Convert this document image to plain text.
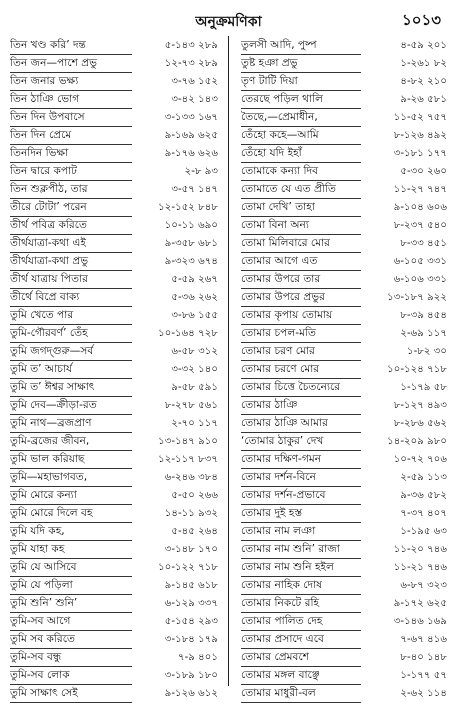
অনুক্রমণিকা	১০১৩
তিন খণ্ড করি’ দন্ত	৫-১৪৩ ২৮৯
তিন জন—পাশে প্রভু	১২-৭৩ ২৮৯
তিন জনার ভক্ষ্য	৩-৭৬ ১৫২
তিন ঠাঞি ভোগ	৩-৪২ ১৪৩
তিন দিন উপবাসে	৩-১৩৩ ১৬৭
তিন দিন প্রেমে	৯-১৬৯ ৬২৫
তিনদিন ভিক্ষা	৯-১৭৬ ৬২৬
তিন দ্বারে কপাট	২-৮ ৯৩
তিন শুক্লপীঠ, তার	৩-৫৭ ১৪৭
তীরে টোটা’ পরেন	১২-১৫২ ৮৪৮
তীর্থ পবিত্র করিতে	১০-১১ ৬৯০
তীর্থযাত্রা-কথা এই	৯-৩৫৮ ৬৮১
তীর্থযাত্রা-কথা প্রভু	৯-৩২৩ ৬৭৪
তীর্থ যাত্রায় পিতার	৫-৫৯ ২৬৭
তীর্থে বিপ্রে বাক্য	৫-৩৬ ২৬২
তুমি খেতে পার	৩-৮৬ ১৫৫
তুমি-গৌরবর্ণ’ তেঁহ	১০-১৬৪ ৭২৮
তুমি জগদ্‌গুরু—সর্ব	৬-৫৮ ৩১২
তুমি ত’ আচার্য	৩-৩২ ১৪০
তুমি ত’ ঈশ্বর সাক্ষাৎ	৯-৫৮ ৫৯১
তুমি দেব—ক্রীড়া-রত	৮-২৭৮ ৫৬১
তুমি নাথ—ব্রজপ্রাণ	২-৭০ ১১৭
তুমি-ব্রজের জীবন,	১৩-১৪৭ ৯১০
তুমি ভাল করিয়াছ	১২-১১৭ ৮৩৭
তুমি—মহাভাগবত,	৬-২৪৬ ৩৮৪
তুমি মোরে কন্যা	৫-৫০ ২৬৬
তুমি মোরে দিলে বহ	১৪-১১ ৯৩২
তুমি যদি কহ,	৫-৪৫ ২৬৪
তুমি যাহা কহ	৩-১৪৮ ১৭০
তুমি যে আসিবে	১০-১২২ ৭১৮
তুমি যে পড়িলা	৯-১৪৫ ৬১৮
তুমি শুনি’ শুনি’	৬-১২৯ ৩৩৭
তুমি-সব আগে	৫-১৫৪ ২৯৩
তুমি সব করিতে	৩-১৮৪ ১৭৯
তুমি-সব বন্ধু	৭-৯ ৪০১
তুমি-সব লোক	৩-১৮৯ ১৮০
তুমি সাক্ষাৎ সেই	৯-১২৬ ৬১২
তুলসী আদি, পুষ্প	৪-৫৯ ২০১
তুষ্ট হঞা প্রভু	১-২৬১ ৮২
তৃণ টাটি দিয়া	৪-৮২ ২১০
তেরছে পড়িল থালি	৯-২৬ ৫৮১
তৈছে,—প্রেমাধীন,	১১-৫২ ৭৫৭
তেঁহো কহে—আমি	৮-১২৬ ৪৯২
তেঁহো যদি ইহাঁ	৩-১৮১ ১৭৭
তোমাকে কন্যা দিব	৫-৩০ ২৬০
তোমাতে যে এত প্রীতি	১১-২৭ ৭৪৭
তোমা দেখি’ তাহা	৯-১০৪ ৬০৬
তোমা বিনা অন্য	৮-২৩৭ ৫৪০
তোমা মিলিবারে মোর	৮-৩৩ ৪৫১
তোমার আগে এত	৬-১০৫ ৩৩১
তোমার উপরে তার	৬-১০৬ ৩৩১
তোমার উপরে প্রভুর	১৩-১৮৭ ৯২২
তোমার কৃপায় তোমায়	৮-৩৯ ৪৫৪
তোমার চপল-মতি	২-৬৯ ১১৭
তোমার চরণ মোর	১-৮২ ৩০
তোমার চরণে মোর	১০-১২৪ ৭১৮
তোমার চিত্তে চৈতন্যেরে	১-১৭৯ ৫৮
তোমার ঠাঞি	৮-১২৭ ৪৯৩
তোমার ঠাঞি আমার	৮-২৮৬ ৫৬২
‘তোমার ঠাকুর’ দেখ	১৪-২০৯ ৯৮০
তোমার দক্ষিণ-গমন	১০-৭২ ৭০৬
তোমার দর্শন-বিনে	২-৫৯ ১১৩
তোমার দর্শন-প্রভাবে	৯-৩৬ ৫৮২
তোমার দুই হস্ত	৭-৩৭ ৪০৭
তোমার নাম লঞা	১-১৯৫ ৬৩
তোমার নাম শুনি’ রাজা	১১-২০ ৭৪৬
তোমার নাম শুনি হইল	১১-২১ ৭৪৬
তোমার নাহিক দোষ	৬-৮৭ ৩২৩
তোমার নিকটে রহি	৯-১৭২ ৬২৫
তোমার পালিত দেহ	৩-১৪৬ ১৬৯
তোমার প্রসাদে এবে	৭-৬৭ ৪১৬
তোমার প্রেমবশে	৮-৪০ ১৪৮
তোমার মঙ্গল বাঞ্ছে	১-১৭৭ ৫৭
তোমার মাধুরী-বল	২-৬২ ১১৪
